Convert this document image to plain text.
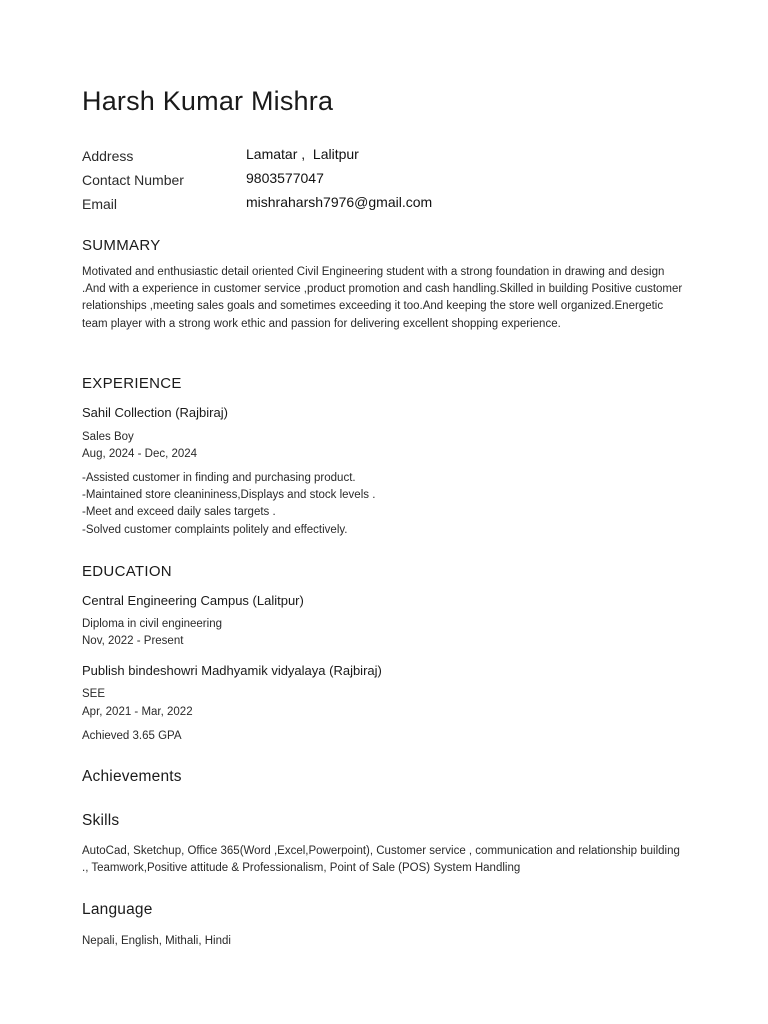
Harsh Kumar Mishra
Address	Lamatar ,  Lalitpur
Contact Number	9803577047
Email	mishraharsh7976@gmail.com
SUMMARY

Motivated and enthusiastic detail oriented Civil Engineering student with a strong foundation in drawing and design .And with a experience in customer service ,product promotion and cash handling.Skilled in building Positive customer relationships ,meeting sales goals and sometimes exceeding it too.And keeping the store well organized.Energetic team player with a strong work ethic and passion for delivering excellent shopping experience.

EXPERIENCE

Sahil Collection (Rajbiraj)

Sales Boy

Aug, 2024 - Dec, 2024

-Assisted customer in finding and purchasing product.
-Maintained store cleanininess,Displays and stock levels .
-Meet and exceed daily sales targets .
-Solved customer complaints politely and effectively.
EDUCATION

Central Engineering Campus (Lalitpur)

Diploma in civil engineering

Nov, 2022 - Present

Publish bindeshowri Madhyamik vidyalaya (Rajbiraj)

SEE

Apr, 2021 - Mar, 2022

Achieved 3.65 GPA

Achievements
Skills

AutoCad, Sketchup, Office 365(Word ,Excel,Powerpoint), Customer service , communication and relationship building ., Teamwork,Positive attitude & Professionalism, Point of Sale (POS) System Handling

Language

Nepali, English, Mithali, Hindi
